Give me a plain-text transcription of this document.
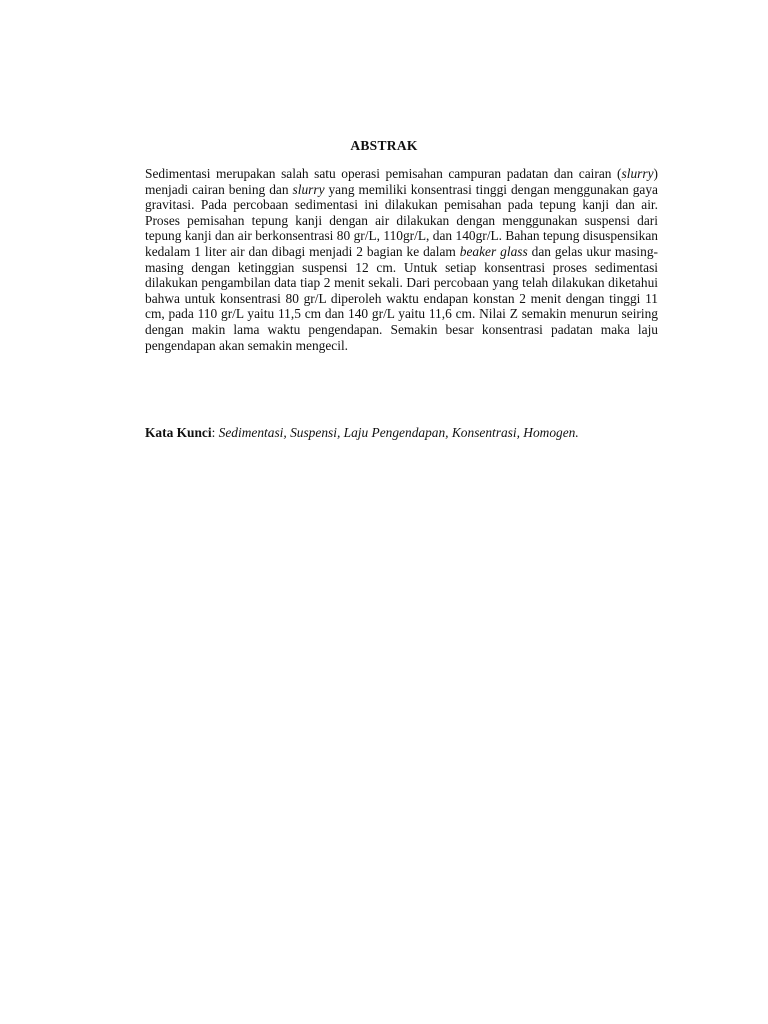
ABSTRAK

Sedimentasi merupakan salah satu operasi pemisahan campuran padatan dan cairan (slurry) menjadi cairan bening dan slurry yang memiliki konsentrasi tinggi dengan menggunakan gaya gravitasi. Pada percobaan sedimentasi ini dilakukan pemisahan pada tepung kanji dan air. Proses pemisahan tepung kanji dengan air dilakukan dengan menggunakan suspensi dari tepung kanji dan air berkonsentrasi 80 gr/L, 110gr/L, dan 140gr/L. Bahan tepung disuspensikan kedalam 1 liter air dan dibagi menjadi 2 bagian ke dalam beaker glass dan gelas ukur masing-masing dengan ketinggian suspensi 12 cm. Untuk setiap konsentrasi proses sedimentasi dilakukan pengambilan data tiap 2 menit sekali. Dari percobaan yang telah dilakukan diketahui bahwa untuk konsentrasi 80 gr/L diperoleh waktu endapan konstan 2 menit dengan tinggi 11 cm, pada 110 gr/L yaitu 11,5 cm dan 140 gr/L yaitu 11,6 cm. Nilai Z semakin menurun seiring dengan makin lama waktu pengendapan. Semakin besar konsentrasi padatan maka laju pengendapan akan semakin mengecil.

Kata Kunci: Sedimentasi, Suspensi, Laju Pengendapan, Konsentrasi, Homogen.
